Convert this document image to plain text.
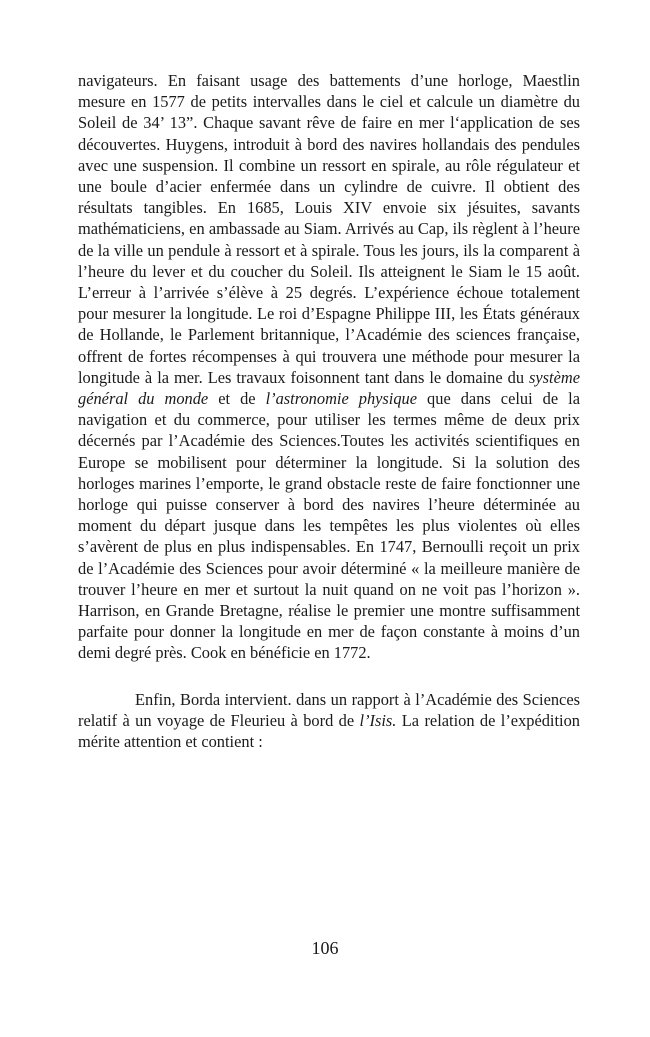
navigateurs. En faisant usage des battements d’une horloge, Maestlin mesure en 1577 de petits intervalles dans le ciel et calcule un diamètre du Soleil de 34’ 13”. Chaque savant rêve de faire en mer l‘application de ses découvertes. Huygens, introduit à bord des navires hollandais des pendules avec une suspension. Il combine un ressort en spirale, au rôle régulateur et une boule d’acier enfermée dans un cylindre de cuivre. Il obtient des résultats tangibles. En 1685, Louis XIV envoie six jésuites, savants mathématiciens, en ambassade au Siam. Arrivés au Cap, ils règlent à l’heure de la ville un pendule à ressort et à spirale. Tous les jours, ils la comparent à l’heure du lever et du coucher du Soleil. Ils atteignent le Siam le 15 août. L’erreur à l’arrivée s’élève à 25 degrés. L’expérience échoue totalement pour mesurer la longitude. Le roi d’Espagne Philippe III, les États généraux de Hollande, le Parlement britannique, l’Académie des sciences française, offrent de fortes récompenses à qui trouvera une méthode pour mesurer la longitude à la mer. Les travaux foisonnent tant dans le domaine du système général du monde et de l’astronomie physique que dans celui de la navigation et du commerce, pour utiliser les termes même de deux prix décernés par l’Académie des Sciences.Toutes les activités scientifiques en Europe se mobilisent pour déterminer la longitude. Si la solution des horloges marines l’emporte, le grand obstacle reste de faire fonctionner une horloge qui puisse conserver à bord des navires l’heure déterminée au moment du départ jusque dans les tempêtes les plus violentes où elles s’avèrent de plus en plus indispensables. En 1747, Bernoulli reçoit un prix de l’Académie des Sciences pour avoir déterminé « la meilleure manière de trouver l’heure en mer et surtout la nuit quand on ne voit pas l’horizon ». Harrison, en Grande Bretagne, réalise le premier une montre suffisamment parfaite pour donner la longitude en mer de façon constante à moins d’un demi degré près. Cook en bénéficie en 1772.

Enfin, Borda intervient. dans un rapport à l’Académie des Sciences relatif à un voyage de Fleurieu à bord de l’Isis. La relation de l’expédition mérite attention et contient :

106
